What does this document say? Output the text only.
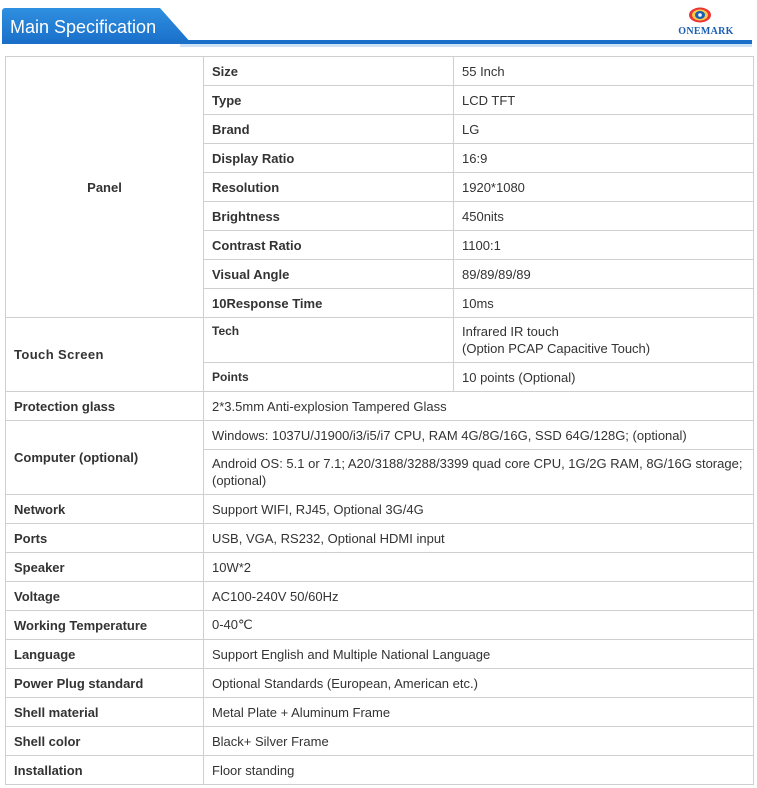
Main Specification	ONEMARK
Panel	Size	55 Inch
	Type	LCD TFT
	Brand	LG
	Display Ratio	16:9
	Resolution	1920*1080
	Brightness	450nits
	Contrast Ratio	1100:1
	Visual Angle	89/89/89/89
	10Response Time	10ms
Touch Screen	Tech	Infrared IR touch
(Option PCAP Capacitive Touch)

	Points	10 points (Optional)
Protection glass	2*3.5mm Anti-explosion Tampered Glass	
Computer (optional)	Windows: 1037U/J1900/i3/i5/i7 CPU, RAM 4G/8G/16G, SSD 64G/128G; (optional)	
	Android OS: 5.1 or 7.1; A20/3188/3288/3399 quad core CPU, 1G/2G RAM, 8G/16G storage; (optional)	
Network	Support WIFI, RJ45, Optional 3G/4G	
Ports	USB, VGA, RS232, Optional HDMI input	
Speaker	10W*2	
Voltage	AC100-240V 50/60Hz	
Working Temperature	0-40℃	
Language	Support English and Multiple National Language	
Power Plug standard	Optional Standards (European, American etc.)	
Shell material	Metal Plate + Aluminum Frame	
Shell color	Black+ Silver Frame	
Installation	Floor standing	
